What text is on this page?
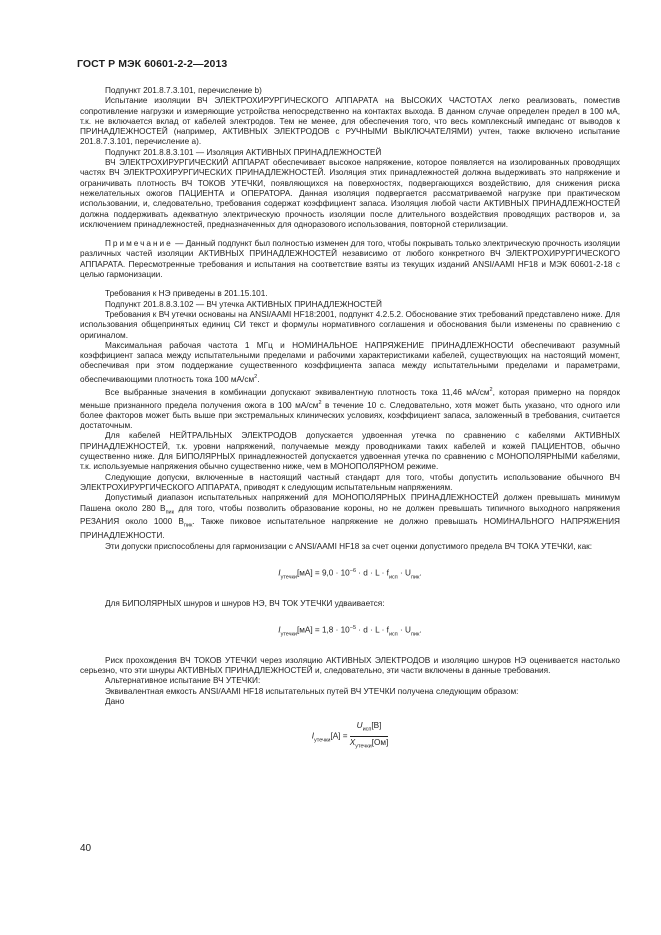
ГОСТ Р МЭК 60601-2-2—2013

Подпункт 201.8.7.3.101, перечисление b)

Испытание изоляции ВЧ ЭЛЕКТРОХИРУРГИЧЕСКОГО АППАРАТА на ВЫСОКИХ ЧАСТОТАХ легко реализовать, поместив сопротивление нагрузки и измеряющие устройства непосредственно на контактах выхода. В данном случае определен предел в 100 мА, т.к. не включается вклад от кабелей электродов. Тем не менее, для обеспечения того, что весь комплексный импеданс от выводов к ПРИНАДЛЕЖНОСТЕЙ (например, АКТИВНЫХ ЭЛЕКТРОДОВ с РУЧНЫМИ ВЫКЛЮЧАТЕЛЯМИ) учтен, также включено испытание 201.8.7.3.101, перечисление a).

Подпункт 201.8.8.3.101 — Изоляция АКТИВНЫХ ПРИНАДЛЕЖНОСТЕЙ

ВЧ ЭЛЕКТРОХИРУРГИЧЕСКИЙ АППАРАТ обеспечивает высокое напряжение, которое появляется на изолированных проводящих частях ВЧ ЭЛЕКТРОХИРУРГИЧЕСКИХ ПРИНАДЛЕЖНОСТЕЙ. Изоляция этих принадлежностей должна выдерживать это напряжение и ограничивать плотность ВЧ ТОКОВ УТЕЧКИ, появляющихся на поверхностях, подвергающихся воздействию, для снижения риска нежелательных ожогов ПАЦИЕНТА и ОПЕРАТОРА. Данная изоляция подвергается рассматриваемой нагрузке при практическом использовании, и, следовательно, требования содержат коэффициент запаса. Изоляция любой части АКТИВНЫХ ПРИНАДЛЕЖНОСТЕЙ должна поддерживать адекватную электрическую прочность изоляции после длительного воздействия проводящих растворов и, за исключением принадлежностей, предназначенных для одноразового использования, повторной стерилизации.

Примечание — Данный подпункт был полностью изменен для того, чтобы покрывать только электрическую прочность изоляции различных частей изоляции АКТИВНЫХ ПРИНАДЛЕЖНОСТЕЙ независимо от любого конкретного ВЧ ЭЛЕКТРОХИРУРГИЧЕСКОГО АППАРАТА. Пересмотренные требования и испытания на соответствие взяты из текущих изданий ANSI/AAMI HF18 и МЭК 60601-2-18 с целью гармонизации.

Требования к НЭ приведены в 201.15.101.

Подпункт 201.8.8.3.102 — ВЧ утечка АКТИВНЫХ ПРИНАДЛЕЖНОСТЕЙ

Требования к ВЧ утечки основаны на ANSI/AAMI HF18:2001, подпункт 4.2.5.2. Обоснование этих требований представлено ниже. Для использования общепринятых единиц СИ текст и формулы нормативного соглашения и обоснования были изменены по сравнению с оригиналом.

Максимальная рабочая частота 1 МГц и НОМИНАЛЬНОЕ НАПРЯЖЕНИЕ ПРИНАДЛЕЖНОСТИ обеспечивают разумный коэффициент запаса между испытательными пределами и рабочими характеристиками кабелей, существующих на настоящий момент, обеспечивая при этом поддержание существенного коэффициента запаса между испытательными пределами и параметрами, обеспечивающими плотность тока 100 $мА/см^2$.

Все выбранные значения в комбинации допускают эквивалентную плотность тока 11,46 $мА/см^2$, которая примерно на порядок меньше признанного предела получения ожога в 100 $мА/см^2$ в течение 10 с. Следовательно, хотя может быть указано, что одного или более факторов может быть выше при экстремальных клинических условиях, коэффициент запаса, заложенный в требования, считается достаточным.

Для кабелей НЕЙТРАЛЬНЫХ ЭЛЕКТРОДОВ допускается удвоенная утечка по сравнению с кабелями АКТИВНЫХ ПРИНАДЛЕЖНОСТЕЙ, т.к. уровни напряжений, получаемые между проводниками таких кабелей и кожей ПАЦИЕНТОВ, обычно существенно ниже. Для БИПОЛЯРНЫХ принадлежностей допускается удвоенная утечка по сравнению с МОНОПОЛЯРНЫМИ кабелями, т.к. используемые напряжения обычно существенно ниже, чем в МОНОПОЛЯРНОМ режиме.

Следующие допуски, включенные в настоящий частный стандарт для того, чтобы допустить использование обычного ВЧ ЭЛЕКТРОХИРУРГИЧЕСКОГО АППАРАТА, приводят к следующим испытательным напряжениям.

Допустимый диапазон испытательных напряжений для МОНОПОЛЯРНЫХ ПРИНАДЛЕЖНОСТЕЙ должен превышать минимум Пашена около 280 $В_{пик}$ для того, чтобы позволить образование короны, но не должен превышать типичного выходного напряжения РЕЗАНИЯ около 1000 $В_{пик}$. Также пиковое испытательное напряжение не должно превышать НОМИНАЛЬНОГО НАПРЯЖЕНИЯ ПРИНАДЛЕЖНОСТИ.

Эти допуски приспособлены для гармонизации с ANSI/AAMI HF18 за счет оценки допустимого предела ВЧ ТОКА УТЕЧКИ, как:

$I_{утечки}[мА] = 9,0 \cdot 10^{-6} \cdot d \cdot L \cdot f_{исп} \cdot U_{пик}$.

Для БИПОЛЯРНЫХ шнуров и шнуров НЭ, ВЧ ТОК УТЕЧКИ удваивается:

$I_{утечки}[мА] = 1,8 \cdot 10^{-5} \cdot d \cdot L \cdot f_{исп} \cdot U_{пик}$.

Риск прохождения ВЧ ТОКОВ УТЕЧКИ через изоляцию АКТИВНЫХ ЭЛЕКТРОДОВ и изоляцию шнуров НЭ оценивается настолько серьезно, что эти шнуры АКТИВНЫХ ПРИНАДЛЕЖНОСТЕЙ и, следовательно, эти части включены в данные требования.

Альтернативное испытание ВЧ УТЕЧКИ:

Эквивалентная емкость ANSI/AAMI HF18 испытательных путей ВЧ УТЕЧКИ получена следующим образом:

Дано

$I_{утечки}[A] = \frac{U_{исп}[В]}{X_{утечки}[Ом]}$
40
